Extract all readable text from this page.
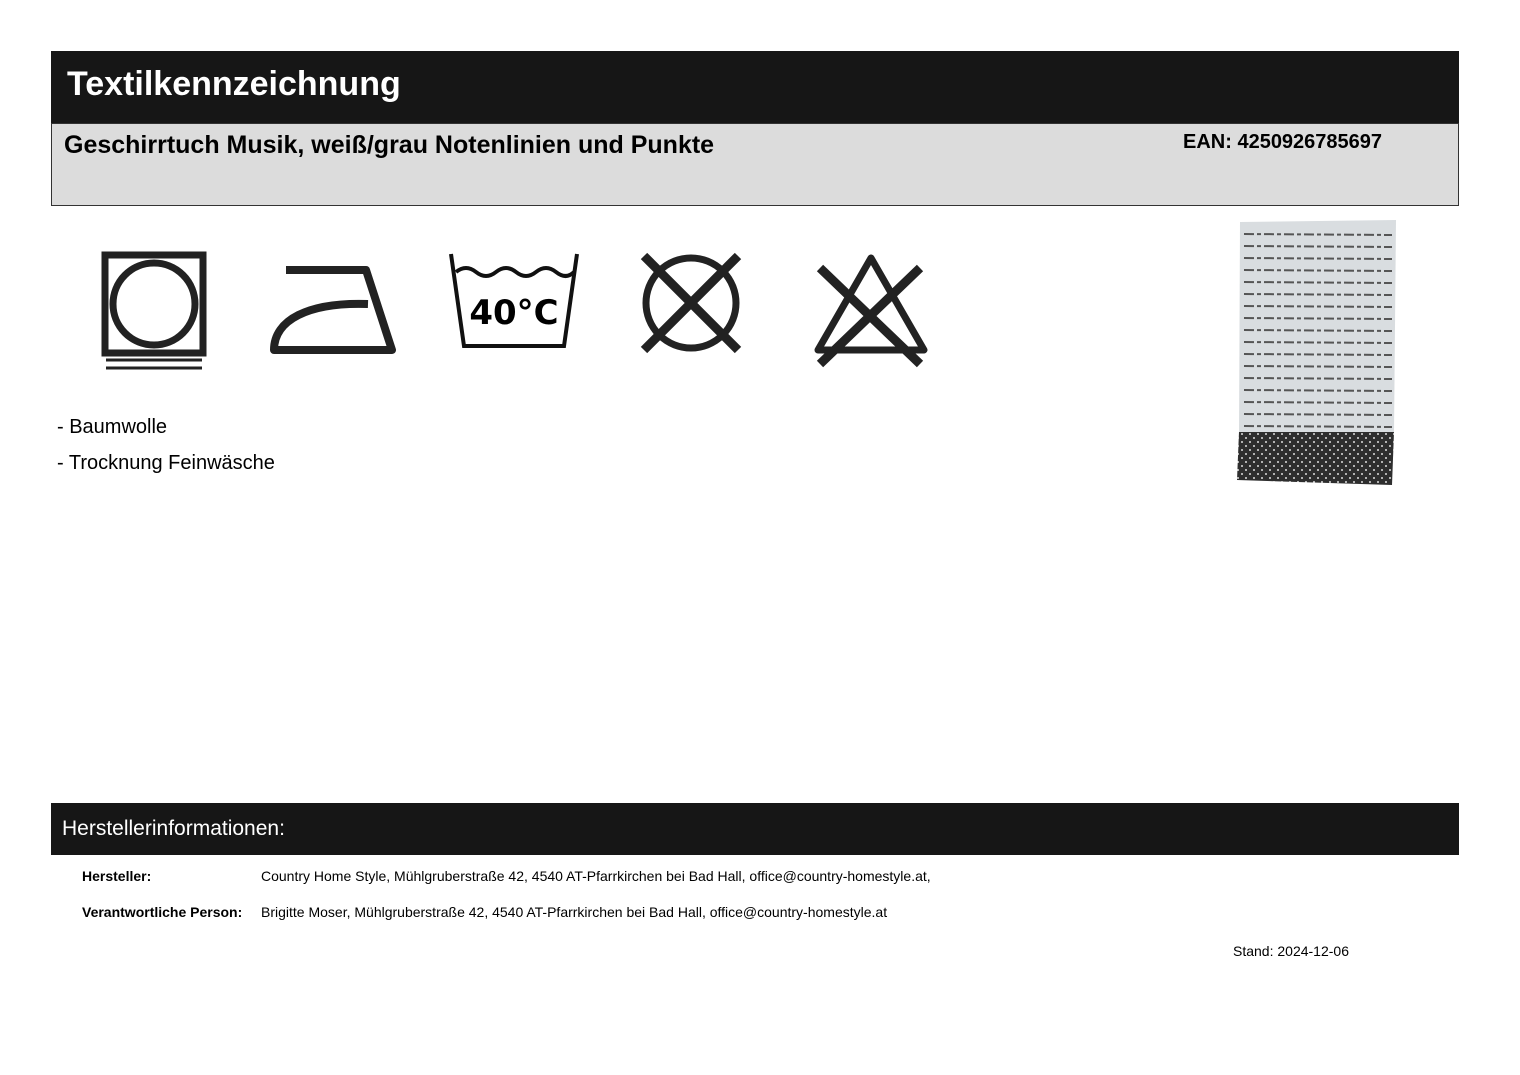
Textilkennzeichnung
Geschirrtuch Musik, weiß/grau Notenlinien und Punkte	EAN: 4250926785697
40°C
- Baumwolle
- Trocknung Feinwäsche
Herstellerinformationen:
Hersteller:	Country Home Style, Mühlgruberstraße 42, 4540 AT-Pfarrkirchen bei Bad Hall, office@country-homestyle.at,
Verantwortliche Person: Brigitte Moser, Mühlgruberstraße 42, 4540 AT-Pfarrkirchen bei Bad Hall, office@country-homestyle.at
Stand: 2024-12-06
